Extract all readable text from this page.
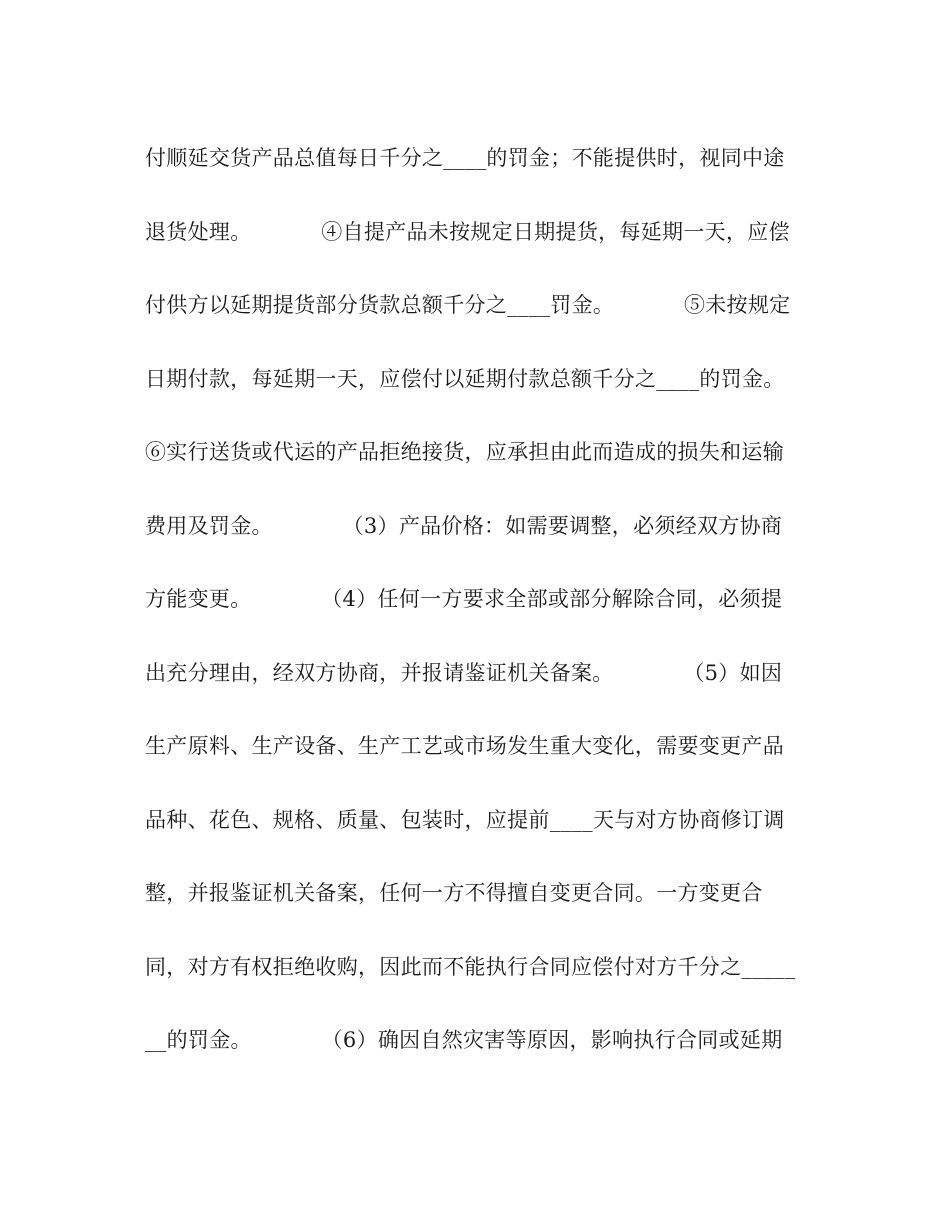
付顺延交货产品总值每日千分之____的罚金；不能提供时，视同中途
退货处理。          ④自提产品未按规定日期提货，每延期一天，应偿
付供方以延期提货部分货款总额千分之____罚金。          ⑤未按规定
日期付款，每延期一天，应偿付以延期付款总额千分之____的罚金。
⑥实行送货或代运的产品拒绝接货，应承担由此而造成的损失和运输
费用及罚金。          （3）产品价格：如需要调整，必须经双方协商
方能变更。          （4）任何一方要求全部或部分解除合同，必须提
出充分理由，经双方协商，并报请鉴证机关备案。          （5）如因
生产原料、生产设备、生产工艺或市场发生重大变化，需要变更产品
品种、花色、规格、质量、包装时，应提前____天与对方协商修订调
整，并报鉴证机关备案，任何一方不得擅自变更合同。一方变更合
同，对方有权拒绝收购，因此而不能执行合同应偿付对方千分之_____
__的罚金。          （6）确因自然灾害等原因，影响执行合同或延期
